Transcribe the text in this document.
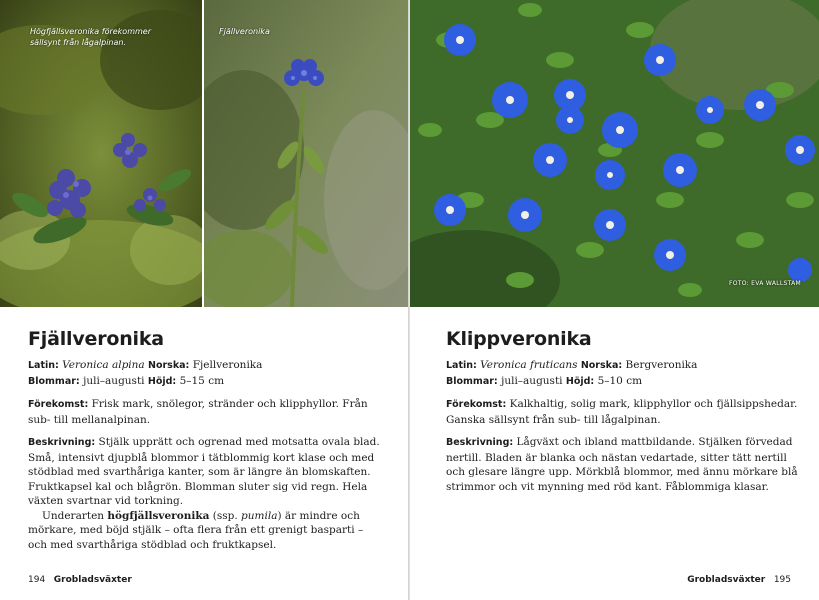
Högfjällsveronika förekommer sällsynt från lågalpinan.
Fjällveronika
Fjällveronika

Latin: Veronica alpina Norska: Fjellveronika

Blommar: juli–augusti Höjd: 5–15 cm

Förekomst: Frisk mark, snölegor, stränder och klipphyllor. Från sub- till mellanalpinan.

Beskrivning: Stjälk upprätt och ogrenad med motsatta ovala blad. Små, intensivt djupblå blommor i tätblommig kort klase och med stödblad med svarthåriga kanter, som är längre än blomskaften. Fruktkapsel kal och blågrön. Blomman sluter sig vid regn. Hela växten svartnar vid torkning.

Underarten högfjällsveronika (ssp. pumila) är mindre och mörkare, med böjd stjälk – ofta flera från ett grenigt basparti – och med svarthåriga stödblad och fruktkapsel.

194 Grobladsväxter
FOTO: EVA WALLSTAM
Klippveronika

Latin: Veronica fruticans Norska: Bergveronika

Blommar: juli–augusti Höjd: 5–10 cm

Förekomst: Kalkhaltig, solig mark, klipphyllor och fjällsippshedar. Ganska sällsynt från sub- till lågalpinan.

Beskrivning: Lågväxt och ibland mattbildande. Stjälken förvedad nertill. Bladen är blanka och nästan vedartade, sitter tätt nertill och glesare längre upp. Mörkblå blommor, med ännu mörkare blå strimmor och vit mynning med röd kant. Fåblommiga klasar.

Grobladsväxter 195
